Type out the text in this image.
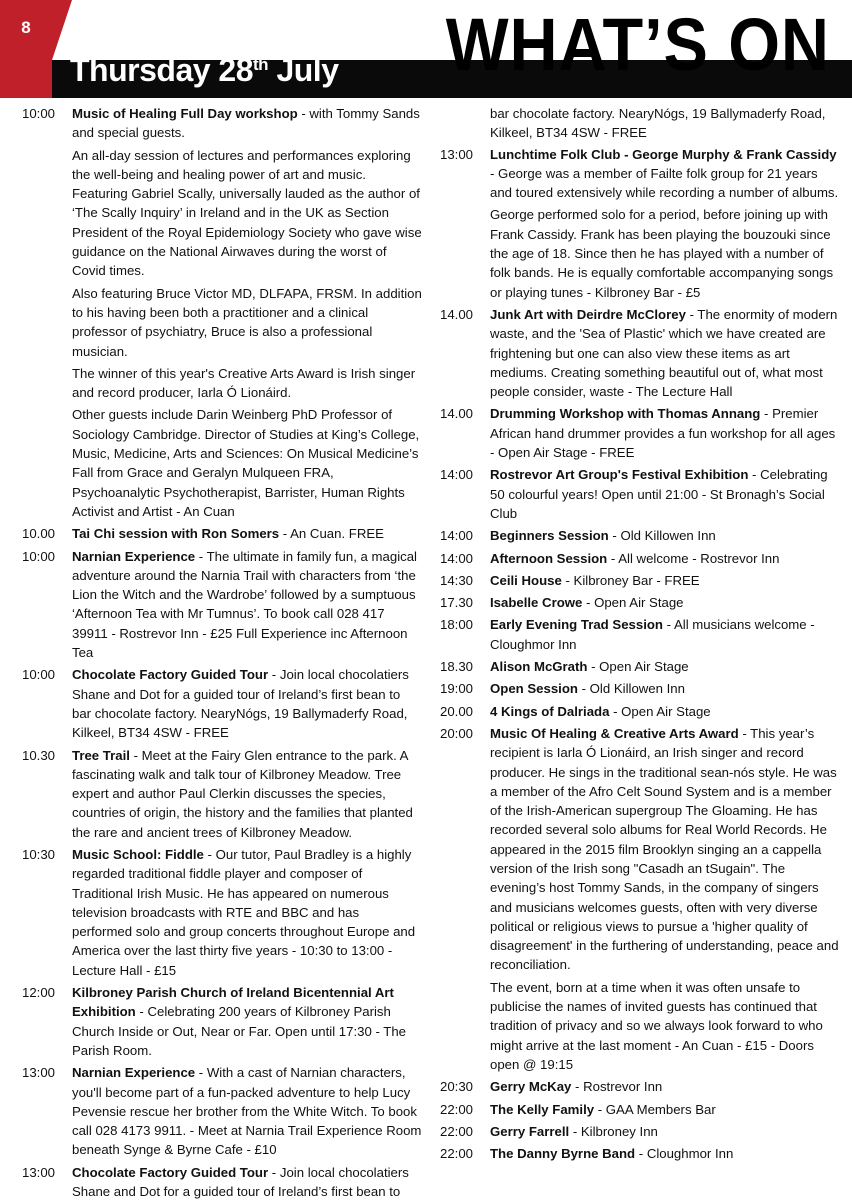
8
Thursday 28th July WHAT’S ON
10:00 Music of Healing Full Day workshop - with Tommy Sands and special guests.

An all-day session of lectures and performances exploring the well-being and healing power of art and music. Featuring Gabriel Scally, universally lauded as the author of ‘The Scally Inquiry’ in Ireland and in the UK as Section President of the Royal Epidemiology Society who gave wise guidance on the National Airwaves during the worst of Covid times.

Also featuring Bruce Victor MD, DLFAPA, FRSM. In addition to his having been both a practitioner and a clinical professor of psychiatry, Bruce is also a professional musician.

The winner of this year's Creative Arts Award is Irish singer and record producer, Iarla Ó Lionáird.

Other guests include Darin Weinberg PhD Professor of Sociology Cambridge. Director of Studies at King’s College, Music, Medicine, Arts and Sciences: On Musical Medicine’s Fall from Grace and Geralyn Mulqueen FRA, Psychoanalytic Psychotherapist, Barrister, Human Rights Activist and Artist - An Cuan

10.00 Tai Chi session with Ron Somers - An Cuan. FREE

10:00 Narnian Experience - The ultimate in family fun, a magical adventure around the Narnia Trail with characters from ‘the Lion the Witch and the Wardrobe’ followed by a sumptuous ‘Afternoon Tea with Mr Tumnus’. To book call 028 417 39911 - Rostrevor Inn - £25 Full Experience inc Afternoon Tea

10:00 Chocolate Factory Guided Tour - Join local chocolatiers Shane and Dot for a guided tour of Ireland’s first bean to bar chocolate factory. NearyNógs, 19 Ballymaderfy Road, Kilkeel, BT34 4SW - FREE

10.30 Tree Trail - Meet at the Fairy Glen entrance to the park. A fascinating walk and talk tour of Kilbroney Meadow. Tree expert and author Paul Clerkin discusses the species, countries of origin, the history and the families that planted the rare and ancient trees of Kilbroney Meadow.

10:30 Music School: Fiddle - Our tutor, Paul Bradley is a highly regarded traditional fiddle player and composer of Traditional Irish Music. He has appeared on numerous television broadcasts with RTE and BBC and has performed solo and group concerts throughout Europe and America over the last thirty five years - 10:30 to 13:00 - Lecture Hall - £15

12:00 Kilbroney Parish Church of Ireland Bicentennial Art Exhibition - Celebrating 200 years of Kilbroney Parish Church Inside or Out, Near or Far. Open until 17:30 - The Parish Room.

13:00 Narnian Experience - With a cast of Narnian characters, you'll become part of a fun-packed adventure to help Lucy Pevensie rescue her brother from the White Witch. To book call 028 4173 9911. - Meet at Narnia Trail Experience Room beneath Synge & Byrne Cafe - £10

13:00 Chocolate Factory Guided Tour - Join local chocolatiers Shane and Dot for a guided tour of Ireland’s first bean to

bar chocolate factory. NearyNógs, 19 Ballymaderfy Road, Kilkeel, BT34 4SW - FREE
13:00 Lunchtime Folk Club - George Murphy & Frank Cassidy - George was a member of Failte folk group for 21 years and toured extensively while recording a number of albums.

George performed solo for a period, before joining up with Frank Cassidy. Frank has been playing the bouzouki since the age of 18. Since then he has played with a number of folk bands. He is equally comfortable accompanying songs or playing tunes - Kilbroney Bar - £5

14.00 Junk Art with Deirdre McClorey - The enormity of modern waste, and the 'Sea of Plastic' which we have created are frightening but one can also view these items as art mediums. Creating something beautiful out of, what most people consider, waste - The Lecture Hall

14.00 Drumming Workshop with Thomas Annang - Premier African hand drummer provides a fun workshop for all ages - Open Air Stage - FREE

14:00 Rostrevor Art Group's Festival Exhibition - Celebrating 50 colourful years! Open until 21:00 - St Bronagh’s Social Club

14:00 Beginners Session - Old Killowen Inn

14:00 Afternoon Session - All welcome - Rostrevor Inn

14:30 Ceili House - Kilbroney Bar - FREE

17.30 Isabelle Crowe - Open Air Stage

18:00 Early Evening Trad Session - All musicians welcome - Cloughmor Inn

18.30 Alison McGrath - Open Air Stage

19:00 Open Session - Old Killowen Inn

20.00 4 Kings of Dalriada - Open Air Stage

20:00 Music Of Healing & Creative Arts Award - This year’s recipient is Iarla Ó Lionáird, an Irish singer and record producer. He sings in the traditional sean-nós style. He was a member of the Afro Celt Sound System and is a member of the Irish-American supergroup The Gloaming. He has recorded several solo albums for Real World Records. He appeared in the 2015 film Brooklyn singing an a cappella version of the Irish song "Casadh an tSugain". The evening’s host Tommy Sands, in the company of singers and musicians welcomes guests, often with very diverse political or religious views to pursue a 'higher quality of disagreement' in the furthering of understanding, peace and reconciliation.

The event, born at a time when it was often unsafe to publicise the names of invited guests has continued that tradition of privacy and so we always look forward to who might arrive at the last moment - An Cuan - £15 - Doors open @ 19:15

20:30 Gerry McKay - Rostrevor Inn

22:00 The Kelly Family - GAA Members Bar

22:00 Gerry Farrell - Kilbroney Inn

22:00 The Danny Byrne Band - Cloughmor Inn
